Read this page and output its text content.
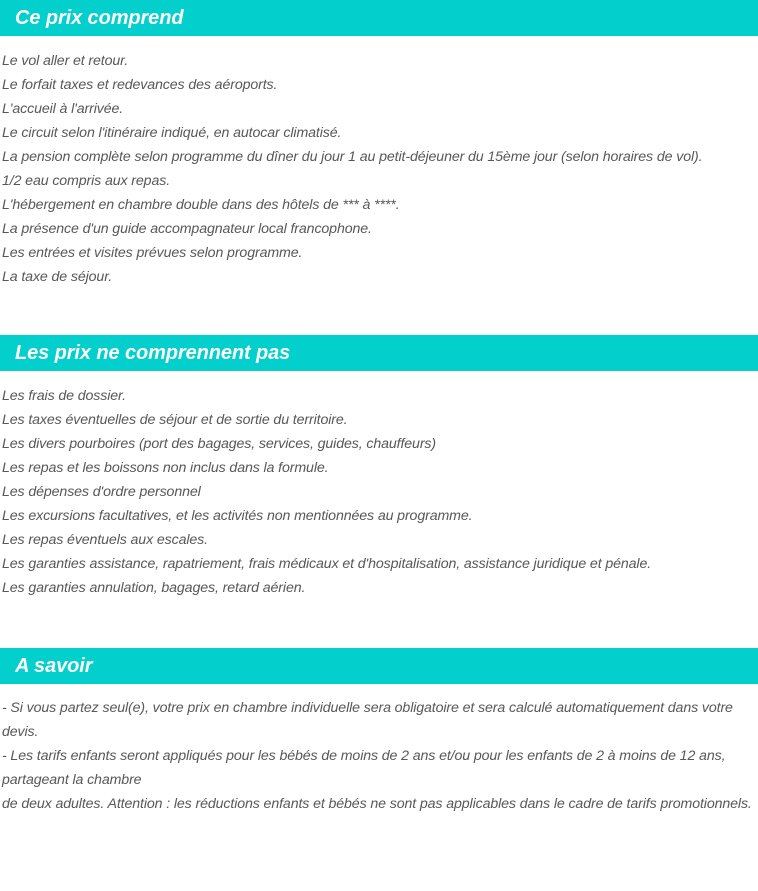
Ce prix comprend
Le vol aller et retour.
Le forfait taxes et redevances des aéroports.
L'accueil à l'arrivée.
Le circuit selon l'itinéraire indiqué, en autocar climatisé.
La pension complète selon programme du dîner du jour 1 au petit-déjeuner du 15ème jour (selon horaires de vol).
1/2 eau compris aux repas.
L'hébergement en chambre double dans des hôtels de *** à ****.
La présence d'un guide accompagnateur local francophone.
Les entrées et visites prévues selon programme.
La taxe de séjour.
Les prix ne comprennent pas
Les frais de dossier.
Les taxes éventuelles de séjour et de sortie du territoire.
Les divers pourboires (port des bagages, services, guides, chauffeurs)
Les repas et les boissons non inclus dans la formule.
Les dépenses d'ordre personnel
Les excursions facultatives, et les activités non mentionnées au programme.
Les repas éventuels aux escales.
Les garanties assistance, rapatriement, frais médicaux et d'hospitalisation, assistance juridique et pénale.
Les garanties annulation, bagages, retard aérien.
A savoir

- Si vous partez seul(e), votre prix en chambre individuelle sera obligatoire et sera calculé automatiquement dans votre devis.

- Les tarifs enfants seront appliqués pour les bébés de moins de 2 ans et/ou pour les enfants de 2 à moins de 12 ans, partageant la chambre

de deux adultes. Attention : les réductions enfants et bébés ne sont pas applicables dans le cadre de tarifs promotionnels.
